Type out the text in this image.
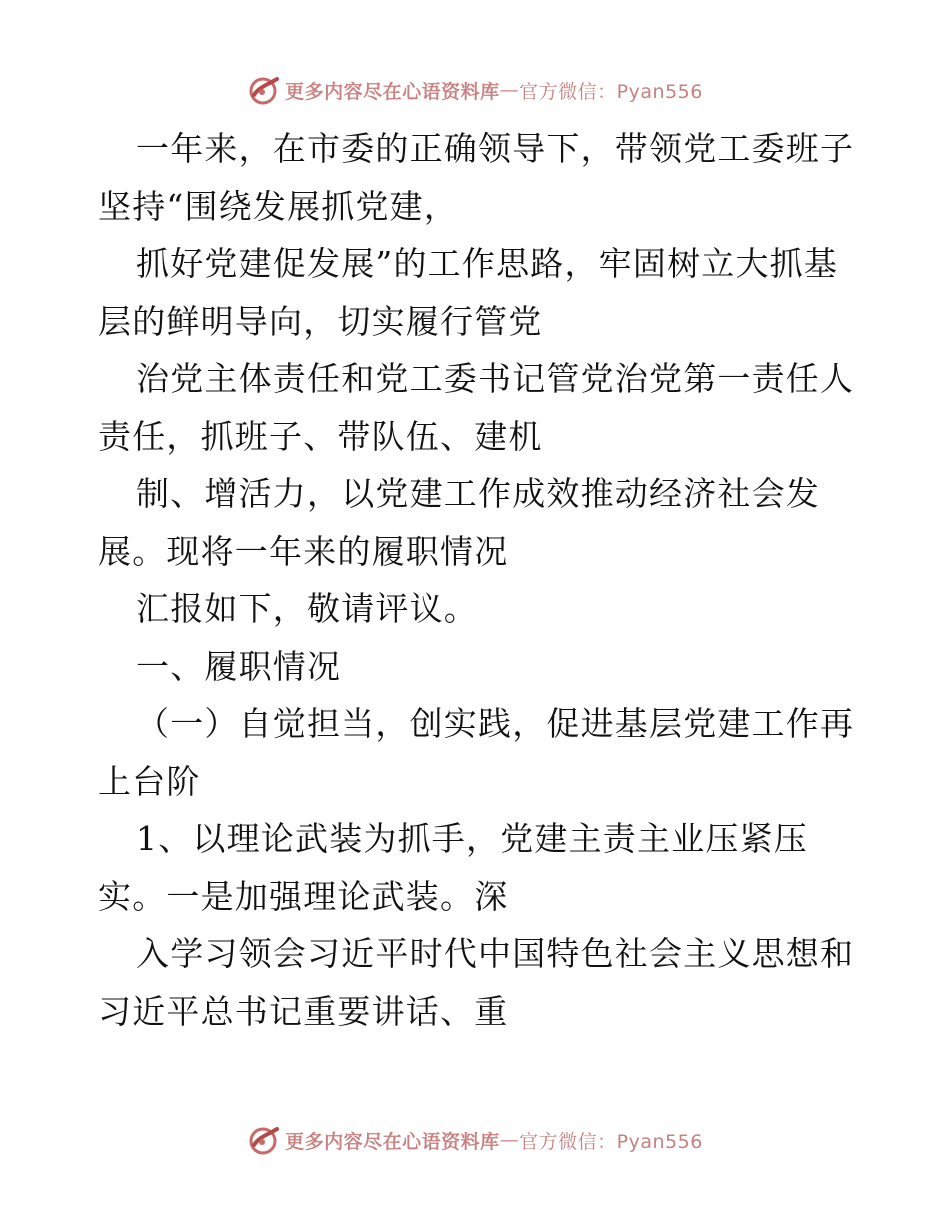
更多内容尽在心语资料库 — 官方微信：Pyan556
一年来，在市委的正确领导下，带领党工委班子
坚持“围绕发展抓党建，
抓好党建促发展”的工作思路，牢固树立大抓基
层的鲜明导向，切实履行管党
治党主体责任和党工委书记管党治党第一责任人
责任，抓班子、带队伍、建机
制、增活力，以党建工作成效推动经济社会发
展。现将一年来的履职情况
汇报如下，敬请评议。
一、履职情况
（一）自觉担当，创实践，促进基层党建工作再
上台阶
1、以理论武装为抓手，党建主责主业压紧压
实。一是加强理论武装。深
入学习领会习近平时代中国特色社会主义思想和
习近平总书记重要讲话、重
更多内容尽在心语资料库 — 官方微信：Pyan556
